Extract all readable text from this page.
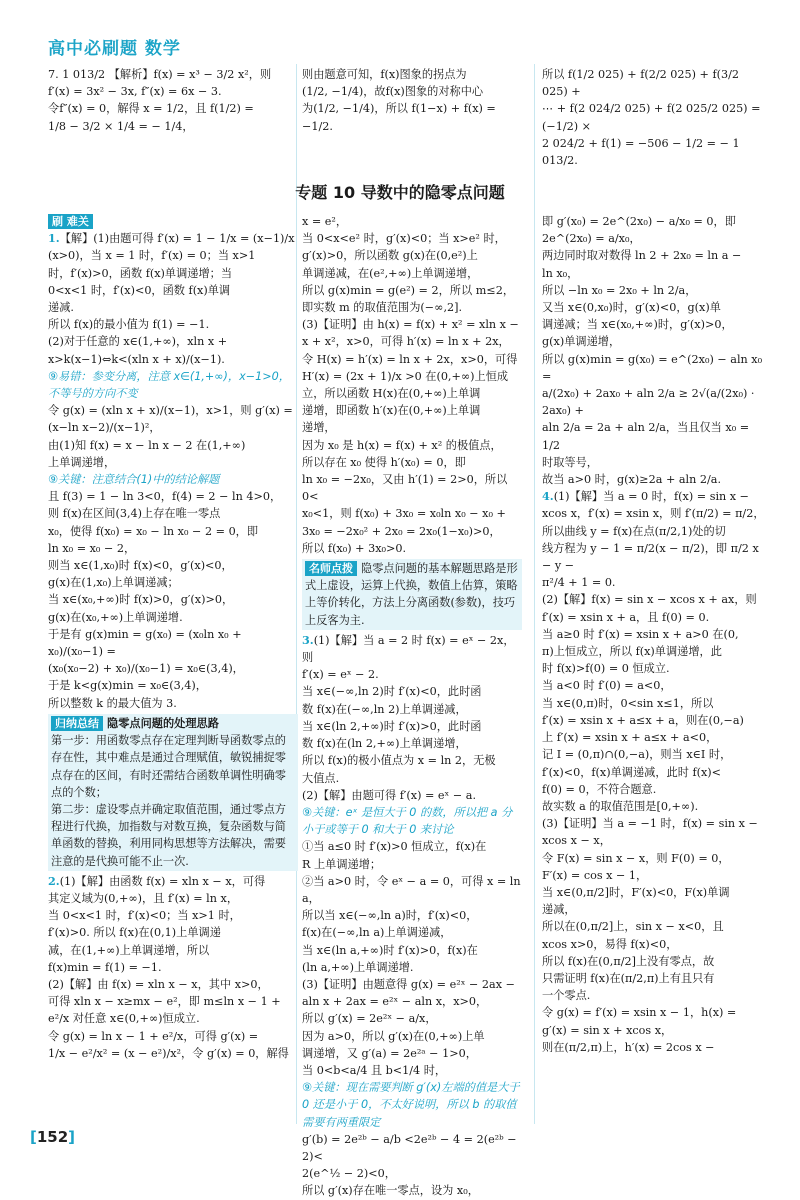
高中必刷题 数学

7. 1 013/2 【解析】f(x) = x³ − 3/2 x²，则

f′(x) = 3x² − 3x, f″(x) = 6x − 3.

令f″(x) = 0，解得 x = 1/2，且 f(1/2) =

1/8 − 3/2 × 1/4 = − 1/4，

则由题意可知，f(x)图象的拐点为

(1/2, −1/4)，故f(x)图象的对称中心

为(1/2, −1/4)，所以 f(1−x) + f(x) =

−1/2.

所以 f(1/2 025) + f(2/2 025) + f(3/2 025) +

⋯ + f(2 024/2 025) + f(2 025/2 025) = (−1/2) ×

2 024/2 + f(1) = −506 − 1/2 = − 1 013/2.

专题 10 导数中的隐零点问题

刷 难关

1.【解】(1)由题可得 f′(x) = 1 − 1/x = (x−1)/x

(x>0)，当 x = 1 时，f′(x) = 0；当 x>1

时，f′(x)>0，函数 f(x)单调递增；当

0<x<1 时，f′(x)<0，函数 f(x)单调

递减.

所以 f(x)的最小值为 f(1) = −1.

(2)对于任意的 x∈(1,+∞)，xln x +

x>k(x−1)⇔k<(xln x + x)/(x−1).

⑨易错：参变分离，注意 x∈(1,+∞)，x−1>0，不等号的方向不变

令 g(x) = (xln x + x)/(x−1)，x>1，则 g′(x) = (x−ln x−2)/(x−1)²，

由(1)知 f(x) = x − ln x − 2 在(1,+∞)

上单调递增，

⑨关键：注意结合(1)中的结论解题

且 f(3) = 1 − ln 3<0，f(4) = 2 − ln 4>0，

则 f(x)在区间(3,4)上存在唯一零点

x₀，使得 f(x₀) = x₀ − ln x₀ − 2 = 0，即

ln x₀ = x₀ − 2，

则当 x∈(1,x₀)时 f(x)<0，g′(x)<0，

g(x)在(1,x₀)上单调递减；

当 x∈(x₀,+∞)时 f(x)>0，g′(x)>0，

g(x)在(x₀,+∞)上单调递增.

于是有 g(x)min = g(x₀) = (x₀ln x₀ + x₀)/(x₀−1) =

(x₀(x₀−2) + x₀)/(x₀−1) = x₀∈(3,4)，

于是 k<g(x)min = x₀∈(3,4)，

所以整数 k 的最大值为 3.

归纳总结 隐零点问题的处理思路

第一步：用函数零点存在定理判断导函数零点的存在性，其中难点是通过合理赋值，敏锐捕捉零点存在的区间，有时还需结合函数单调性明确零点的个数；

第二步：虚设零点并确定取值范围，通过零点方程进行代换，加指数与对数互换，复杂函数与简单函数的替换，利用同构思想等方法解决，需要注意的是代换可能不止一次.

2.(1)【解】由函数 f(x) = xln x − x，可得

其定义域为(0,+∞)，且 f′(x) = ln x，

当 0<x<1 时，f′(x)<0；当 x>1 时，

f′(x)>0. 所以 f(x)在(0,1)上单调递

减，在(1,+∞)上单调递增，所以

f(x)min = f(1) = −1.

(2)【解】由 f(x) = xln x − x，其中 x>0，

可得 xln x − x≥mx − e²，即 m≤ln x − 1 +

e²/x 对任意 x∈(0,+∞)恒成立.

令 g(x) = ln x − 1 + e²/x，可得 g′(x) =

1/x − e²/x² = (x − e²)/x²，令 g′(x) = 0，解得

x = e²，

当 0<x<e² 时，g′(x)<0；当 x>e² 时，

g′(x)>0，所以函数 g(x)在(0,e²)上

单调递减，在(e²,+∞)上单调递增，

所以 g(x)min = g(e²) = 2，所以 m≤2，

即实数 m 的取值范围为(−∞,2].

(3)【证明】由 h(x) = f(x) + x² = xln x −

x + x²，x>0，可得 h′(x) = ln x + 2x，

令 H(x) = h′(x) = ln x + 2x，x>0，可得

H′(x) = (2x + 1)/x >0 在(0,+∞)上恒成

立，所以函数 H(x)在(0,+∞)上单调

递增，即函数 h′(x)在(0,+∞)上单调

递增，

因为 x₀ 是 h(x) = f(x) + x² 的极值点，

所以存在 x₀ 使得 h′(x₀) = 0，即

ln x₀ = −2x₀，又由 h′(1) = 2>0，所以 0<

x₀<1，则 f(x₀) + 3x₀ = x₀ln x₀ − x₀ +

3x₀ = −2x₀² + 2x₀ = 2x₀(1−x₀)>0，

所以 f(x₀) + 3x₀>0.

名师点拨 隐零点问题的基本解题思路是形式上虚设，运算上代换，数值上估算，策略上等价转化，方法上分离函数(参数)，技巧上反客为主.

3.(1)【解】当 a = 2 时 f(x) = eˣ − 2x，则

f′(x) = eˣ − 2.

当 x∈(−∞,ln 2)时 f′(x)<0，此时函

数 f(x)在(−∞,ln 2)上单调递减，

当 x∈(ln 2,+∞)时 f′(x)>0，此时函

数 f(x)在(ln 2,+∞)上单调递增，

所以 f(x)的极小值点为 x = ln 2，无极

大值点.

(2)【解】由题可得 f′(x) = eˣ − a.

⑨关键：eˣ 是恒大于 0 的数，所以把 a 分小于或等于 0 和大于 0 来讨论

①当 a≤0 时 f′(x)>0 恒成立，f(x)在

R 上单调递增；

②当 a>0 时，令 eˣ − a = 0，可得 x = ln a，

所以当 x∈(−∞,ln a)时，f′(x)<0，

f(x)在(−∞,ln a)上单调递减，

当 x∈(ln a,+∞)时 f′(x)>0，f(x)在

(ln a,+∞)上单调递增.

(3)【证明】由题意得 g(x) = e²ˣ − 2ax −

aln x + 2ax = e²ˣ − aln x，x>0，

所以 g′(x) = 2e²ˣ − a/x，

因为 a>0，所以 g′(x)在(0,+∞)上单

调递增，又 g′(a) = 2e²ᵃ − 1>0，

当 0<b<a/4 且 b<1/4 时，

⑨关键：现在需要判断 g′(x)左端的值是大于 0 还是小于 0，不太好说明，所以 b 的取值需要有两重限定

g′(b) = 2e²ᵇ − a/b <2e²ᵇ − 4 = 2(e²ᵇ − 2)<

2(e^½ − 2)<0，

所以 g′(x)存在唯一零点，设为 x₀，

即 g′(x₀) = 2e^(2x₀) − a/x₀ = 0，即 2e^(2x₀) = a/x₀，

两边同时取对数得 ln 2 + 2x₀ = ln a −

ln x₀，

所以 −ln x₀ = 2x₀ + ln 2/a，

又当 x∈(0,x₀)时，g′(x)<0，g(x)单

调递减；当 x∈(x₀,+∞)时，g′(x)>0，

g(x)单调递增，

所以 g(x)min = g(x₀) = e^(2x₀) − aln x₀ =

a/(2x₀) + 2ax₀ + aln 2/a ≥ 2√(a/(2x₀) · 2ax₀) +

aln 2/a = 2a + aln 2/a，当且仅当 x₀ = 1/2

时取等号，

故当 a>0 时，g(x)≥2a + aln 2/a.

4.(1)【解】当 a = 0 时，f(x) = sin x −

xcos x，f′(x) = xsin x，则 f′(π/2) = π/2，

所以曲线 y = f(x)在点(π/2,1)处的切

线方程为 y − 1 = π/2(x − π/2)，即 π/2 x − y −

π²/4 + 1 = 0.

(2)【解】f(x) = sin x − xcos x + ax，则

f′(x) = xsin x + a，且 f(0) = 0.

当 a≥0 时 f′(x) = xsin x + a>0 在(0,

π)上恒成立，所以 f(x)单调递增，此

时 f(x)>f(0) = 0 恒成立.

当 a<0 时 f′(0) = a<0，

当 x∈(0,π)时，0<sin x≤1，所以

f′(x) = xsin x + a≤x + a，则在(0,−a)

上 f′(x) = xsin x + a≤x + a<0，

记 I = (0,π)∩(0,−a)，则当 x∈I 时，

f′(x)<0，f(x)单调递减，此时 f(x)<

f(0) = 0，不符合题意.

故实数 a 的取值范围是[0,+∞).

(3)【证明】当 a = −1 时，f(x) = sin x −

xcos x − x，

令 F(x) = sin x − x，则 F(0) = 0，

F′(x) = cos x − 1，

当 x∈(0,π/2]时，F′(x)<0，F(x)单调

递减，

所以在(0,π/2]上，sin x − x<0，且

xcos x>0，易得 f(x)<0，

所以 f(x)在(0,π/2]上没有零点，故

只需证明 f(x)在(π/2,π)上有且只有

一个零点.

令 g(x) = f′(x) = xsin x − 1，h(x) =

g′(x) = sin x + xcos x，

则在(π/2,π)上，h′(x) = 2cos x −

[ 152 ]
